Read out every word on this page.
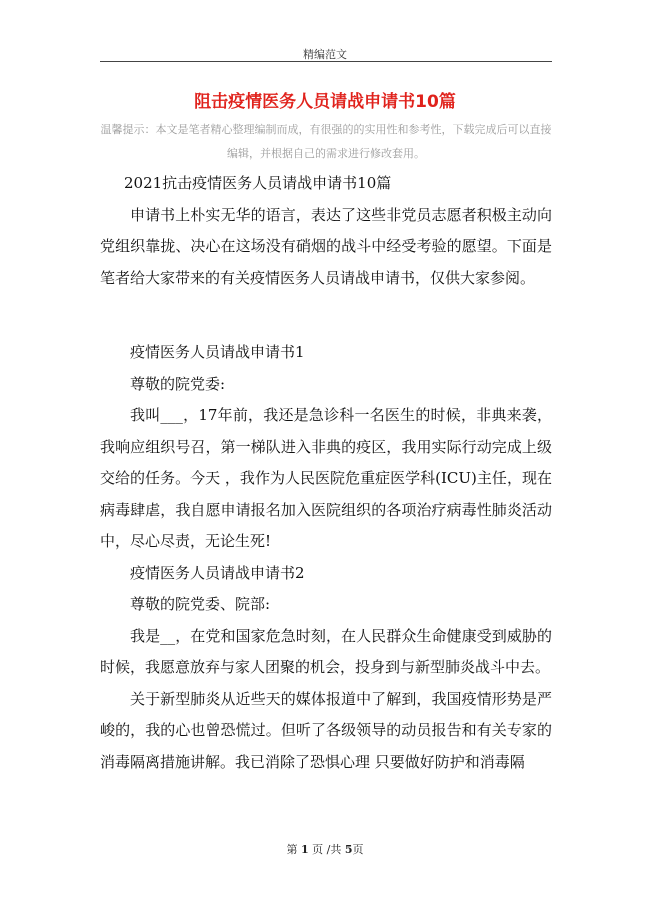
精编范文
阻击疫情医务人员请战申请书10篇
温馨提示：本文是笔者精心整理编制而成，有很强的的实用性和参考性，下载完成后可以直接
编辑，并根据自己的需求进行修改套用。

2021抗击疫情医务人员请战申请书10篇

申请书上朴实无华的语言，表达了这些非党员志愿者积极主动向党组织靠拢、决心在这场没有硝烟的战斗中经受考验的愿望。下面是笔者给大家带来的有关疫情医务人员请战申请书，仅供大家参阅。

疫情医务人员请战申请书1

尊敬的院党委:

我叫___，17年前，我还是急诊科一名医生的时候，非典来袭，我响应组织号召，第一梯队进入非典的疫区，我用实际行动完成上级交给的任务。今天 ，我作为人民医院危重症医学科(ICU)主任，现在病毒肆虐，我自愿申请报名加入医院组织的各项治疗病毒性肺炎活动中，尽心尽责，无论生死!

疫情医务人员请战申请书2

尊敬的院党委、院部:

我是__，在党和国家危急时刻，在人民群众生命健康受到威胁的时候，我愿意放弃与家人团聚的机会，投身到与新型肺炎战斗中去。

关于新型肺炎从近些天的媒体报道中了解到，我国疫情形势是严峻的，我的心也曾恐慌过。但听了各级领导的动员报告和有关专家的消毒隔离措施讲解。我已消除了恐惧心理 只要做好防护和消毒隔

第 1 页 /共 5页
